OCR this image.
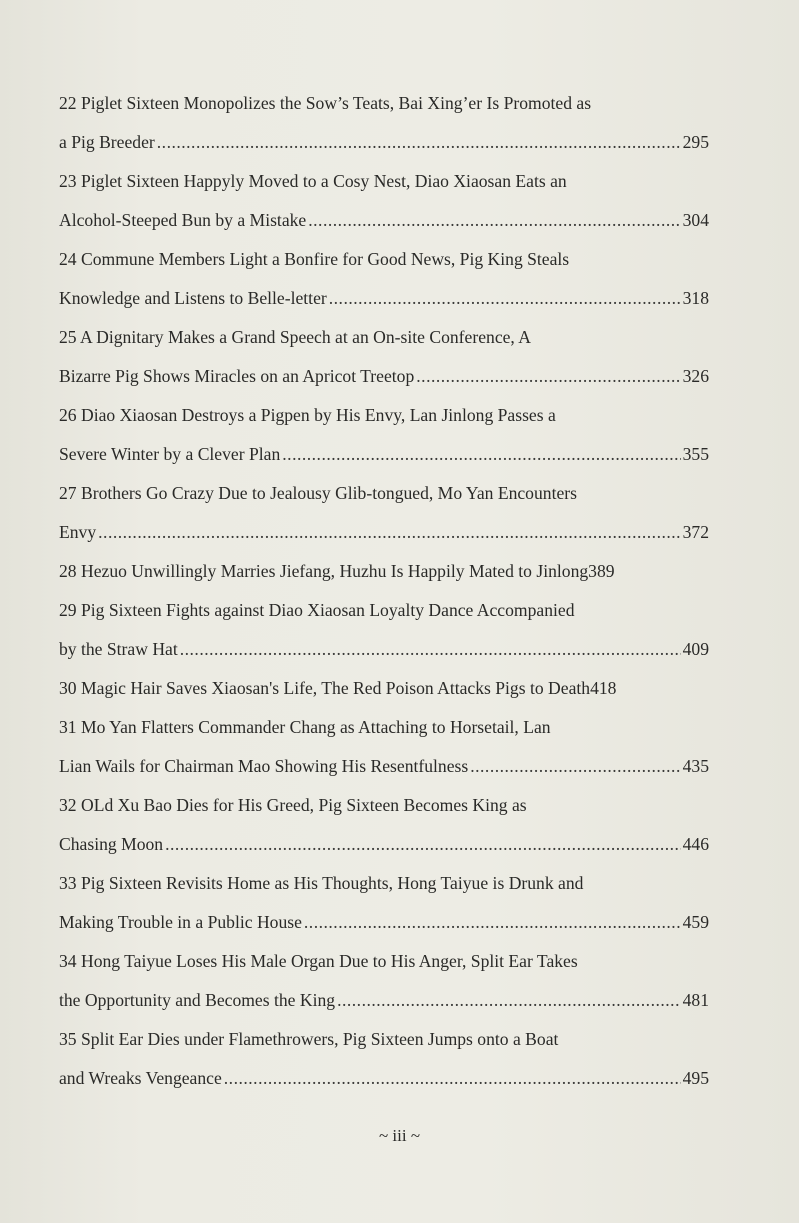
22 Piglet Sixteen Monopolizes the Sow’s Teats, Bai Xing’er Is Promoted as
a Pig Breeder .....	295
23 Piglet Sixteen Happyly Moved to a Cosy Nest, Diao Xiaosan Eats an
Alcohol-Steeped Bun by a Mistake .....	304
24 Commune Members Light a Bonfire for Good News, Pig King Steals
Knowledge and Listens to Belle-letter .....	318
25 A Dignitary Makes a Grand Speech at an On-site Conference, A
Bizarre Pig Shows Miracles on an Apricot Treetop .....	326
26 Diao Xiaosan Destroys a Pigpen by His Envy, Lan Jinlong Passes a
Severe Winter by a Clever Plan .....	355
27 Brothers Go Crazy Due to Jealousy Glib-tongued, Mo Yan Encounters
Envy .....	372
28 Hezuo Unwillingly Marries Jiefang, Huzhu Is Happily Mated to Jinlong389
29 Pig Sixteen Fights against Diao Xiaosan Loyalty Dance Accompanied
by the Straw Hat .....	409
30 Magic Hair Saves Xiaosan's Life, The Red Poison Attacks Pigs to Death418
31 Mo Yan Flatters Commander Chang as Attaching to Horsetail, Lan
Lian Wails for Chairman Mao Showing His Resentfulness .....	435
32 OLd Xu Bao Dies for His Greed, Pig Sixteen Becomes King as
Chasing Moon .....	446
33 Pig Sixteen Revisits Home as His Thoughts, Hong Taiyue is Drunk and
Making Trouble in a Public House .....	459
34 Hong Taiyue Loses His Male Organ Due to His Anger, Split Ear Takes
the Opportunity and Becomes the King .....	481
35 Split Ear Dies under Flamethrowers, Pig Sixteen Jumps onto a Boat
and Wreaks Vengeance .....	495
~ iii ~
